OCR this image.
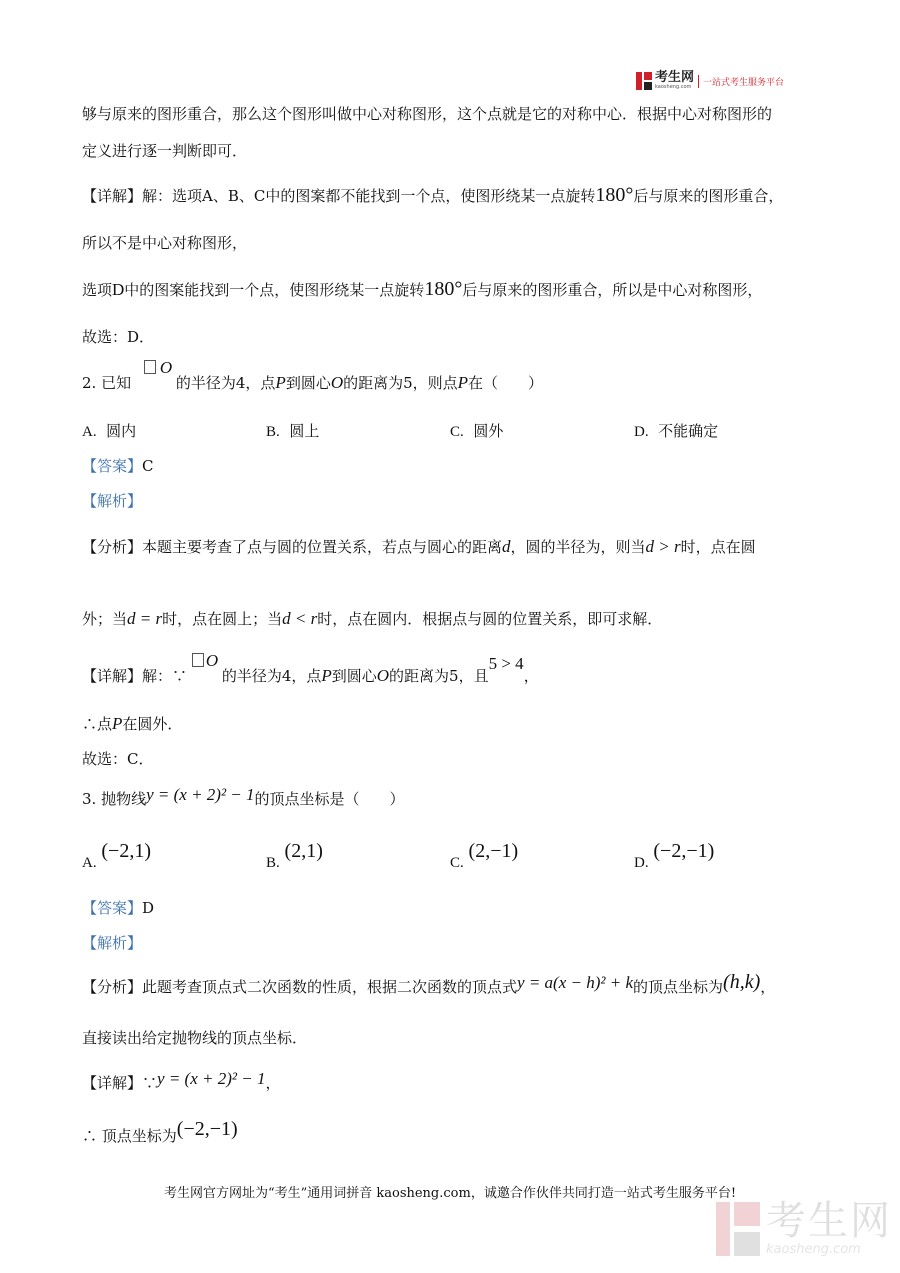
考生网
kaosheng.com	一站式考生服务平台
够与原来的图形重合，那么这个图形叫做中心对称图形，这个点就是它的对称中心．根据中心对称图形的
定义进行逐一判断即可．
【详解】解：选项A、B、C中的图案都不能找到一个点，使图形绕某一点旋转180°后与原来的图形重合，
所以不是中心对称图形，
选项D中的图案能找到一个点，使图形绕某一点旋转180°后与原来的图形重合，所以是中心对称图形，
故选：D．
2. 已知
O
的半径为4，点P到圆心O的距离为5，则点P在（　　）
A. 圆内	B. 圆上	C. 圆外	D. 不能确定
【答案】C
【解析】
【分析】本题主要考查了点与圆的位置关系，若点与圆心的距离d，圆的半径为，则当d > r时，点在圆
外；当d = r时，点在圆上；当d < r时，点在圆内．根据点与圆的位置关系，即可求解．
【详解】解：∵
O
的半径为4，点P到圆心O的距离为5，且5 > 4，
∴点P在圆外．
故选：C．
3. 抛物线y = (x + 2)² − 1的顶点坐标是（　　）
A. (−2,1)
B. (2,1)
C. (2,−1)
D. (−2,−1)
【答案】D
【解析】
【分析】此题考查顶点式二次函数的性质，根据二次函数的顶点式y = a(x − h)² + k的顶点坐标为(h,k)，
直接读出给定抛物线的顶点坐标．
【详解】∵y = (x + 2)² − 1，
∴ 顶点坐标为(−2,−1)
考生网官方网址为“考生”通用词拼音 kaosheng.com，诚邀合作伙伴共同打造一站式考生服务平台!
考生网
kaosheng.com
